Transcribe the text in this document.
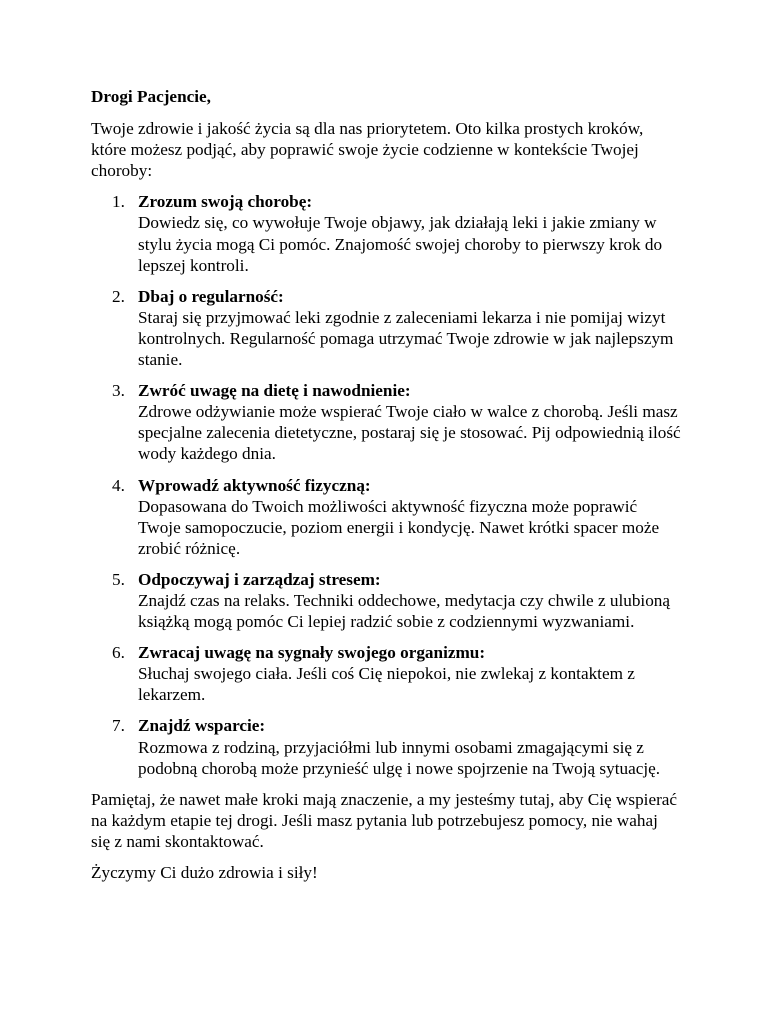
Drogi Pacjencie,

Twoje zdrowie i jakość życia są dla nas priorytetem. Oto kilka prostych kroków, które możesz podjąć, aby poprawić swoje życie codzienne w kontekście Twojej choroby:

1. Zrozum swoją chorobę:
Dowiedz się, co wywołuje Twoje objawy, jak działają leki i jakie zmiany w stylu życia mogą Ci pomóc. Znajomość swojej choroby to pierwszy krok do lepszej kontroli.
2. Dbaj o regularność:
Staraj się przyjmować leki zgodnie z zaleceniami lekarza i nie pomijaj wizyt kontrolnych. Regularność pomaga utrzymać Twoje zdrowie w jak najlepszym stanie.
3. Zwróć uwagę na dietę i nawodnienie:
Zdrowe odżywianie może wspierać Twoje ciało w walce z chorobą. Jeśli masz specjalne zalecenia dietetyczne, postaraj się je stosować. Pij odpowiednią ilość wody każdego dnia.
4. Wprowadź aktywność fizyczną:
Dopasowana do Twoich możliwości aktywność fizyczna może poprawić Twoje samopoczucie, poziom energii i kondycję. Nawet krótki spacer może zrobić różnicę.
5. Odpoczywaj i zarządzaj stresem:
Znajdź czas na relaks. Techniki oddechowe, medytacja czy chwile z ulubioną książką mogą pomóc Ci lepiej radzić sobie z codziennymi wyzwaniami.
6. Zwracaj uwagę na sygnały swojego organizmu:
Słuchaj swojego ciała. Jeśli coś Cię niepokoi, nie zwlekaj z kontaktem z lekarzem.
7. Znajdź wsparcie:
Rozmowa z rodziną, przyjaciółmi lub innymi osobami zmagającymi się z podobną chorobą może przynieść ulgę i nowe spojrzenie na Twoją sytuację.

Pamiętaj, że nawet małe kroki mają znaczenie, a my jesteśmy tutaj, aby Cię wspierać na każdym etapie tej drogi. Jeśli masz pytania lub potrzebujesz pomocy, nie wahaj się z nami skontaktować.

Życzymy Ci dużo zdrowia i siły!
